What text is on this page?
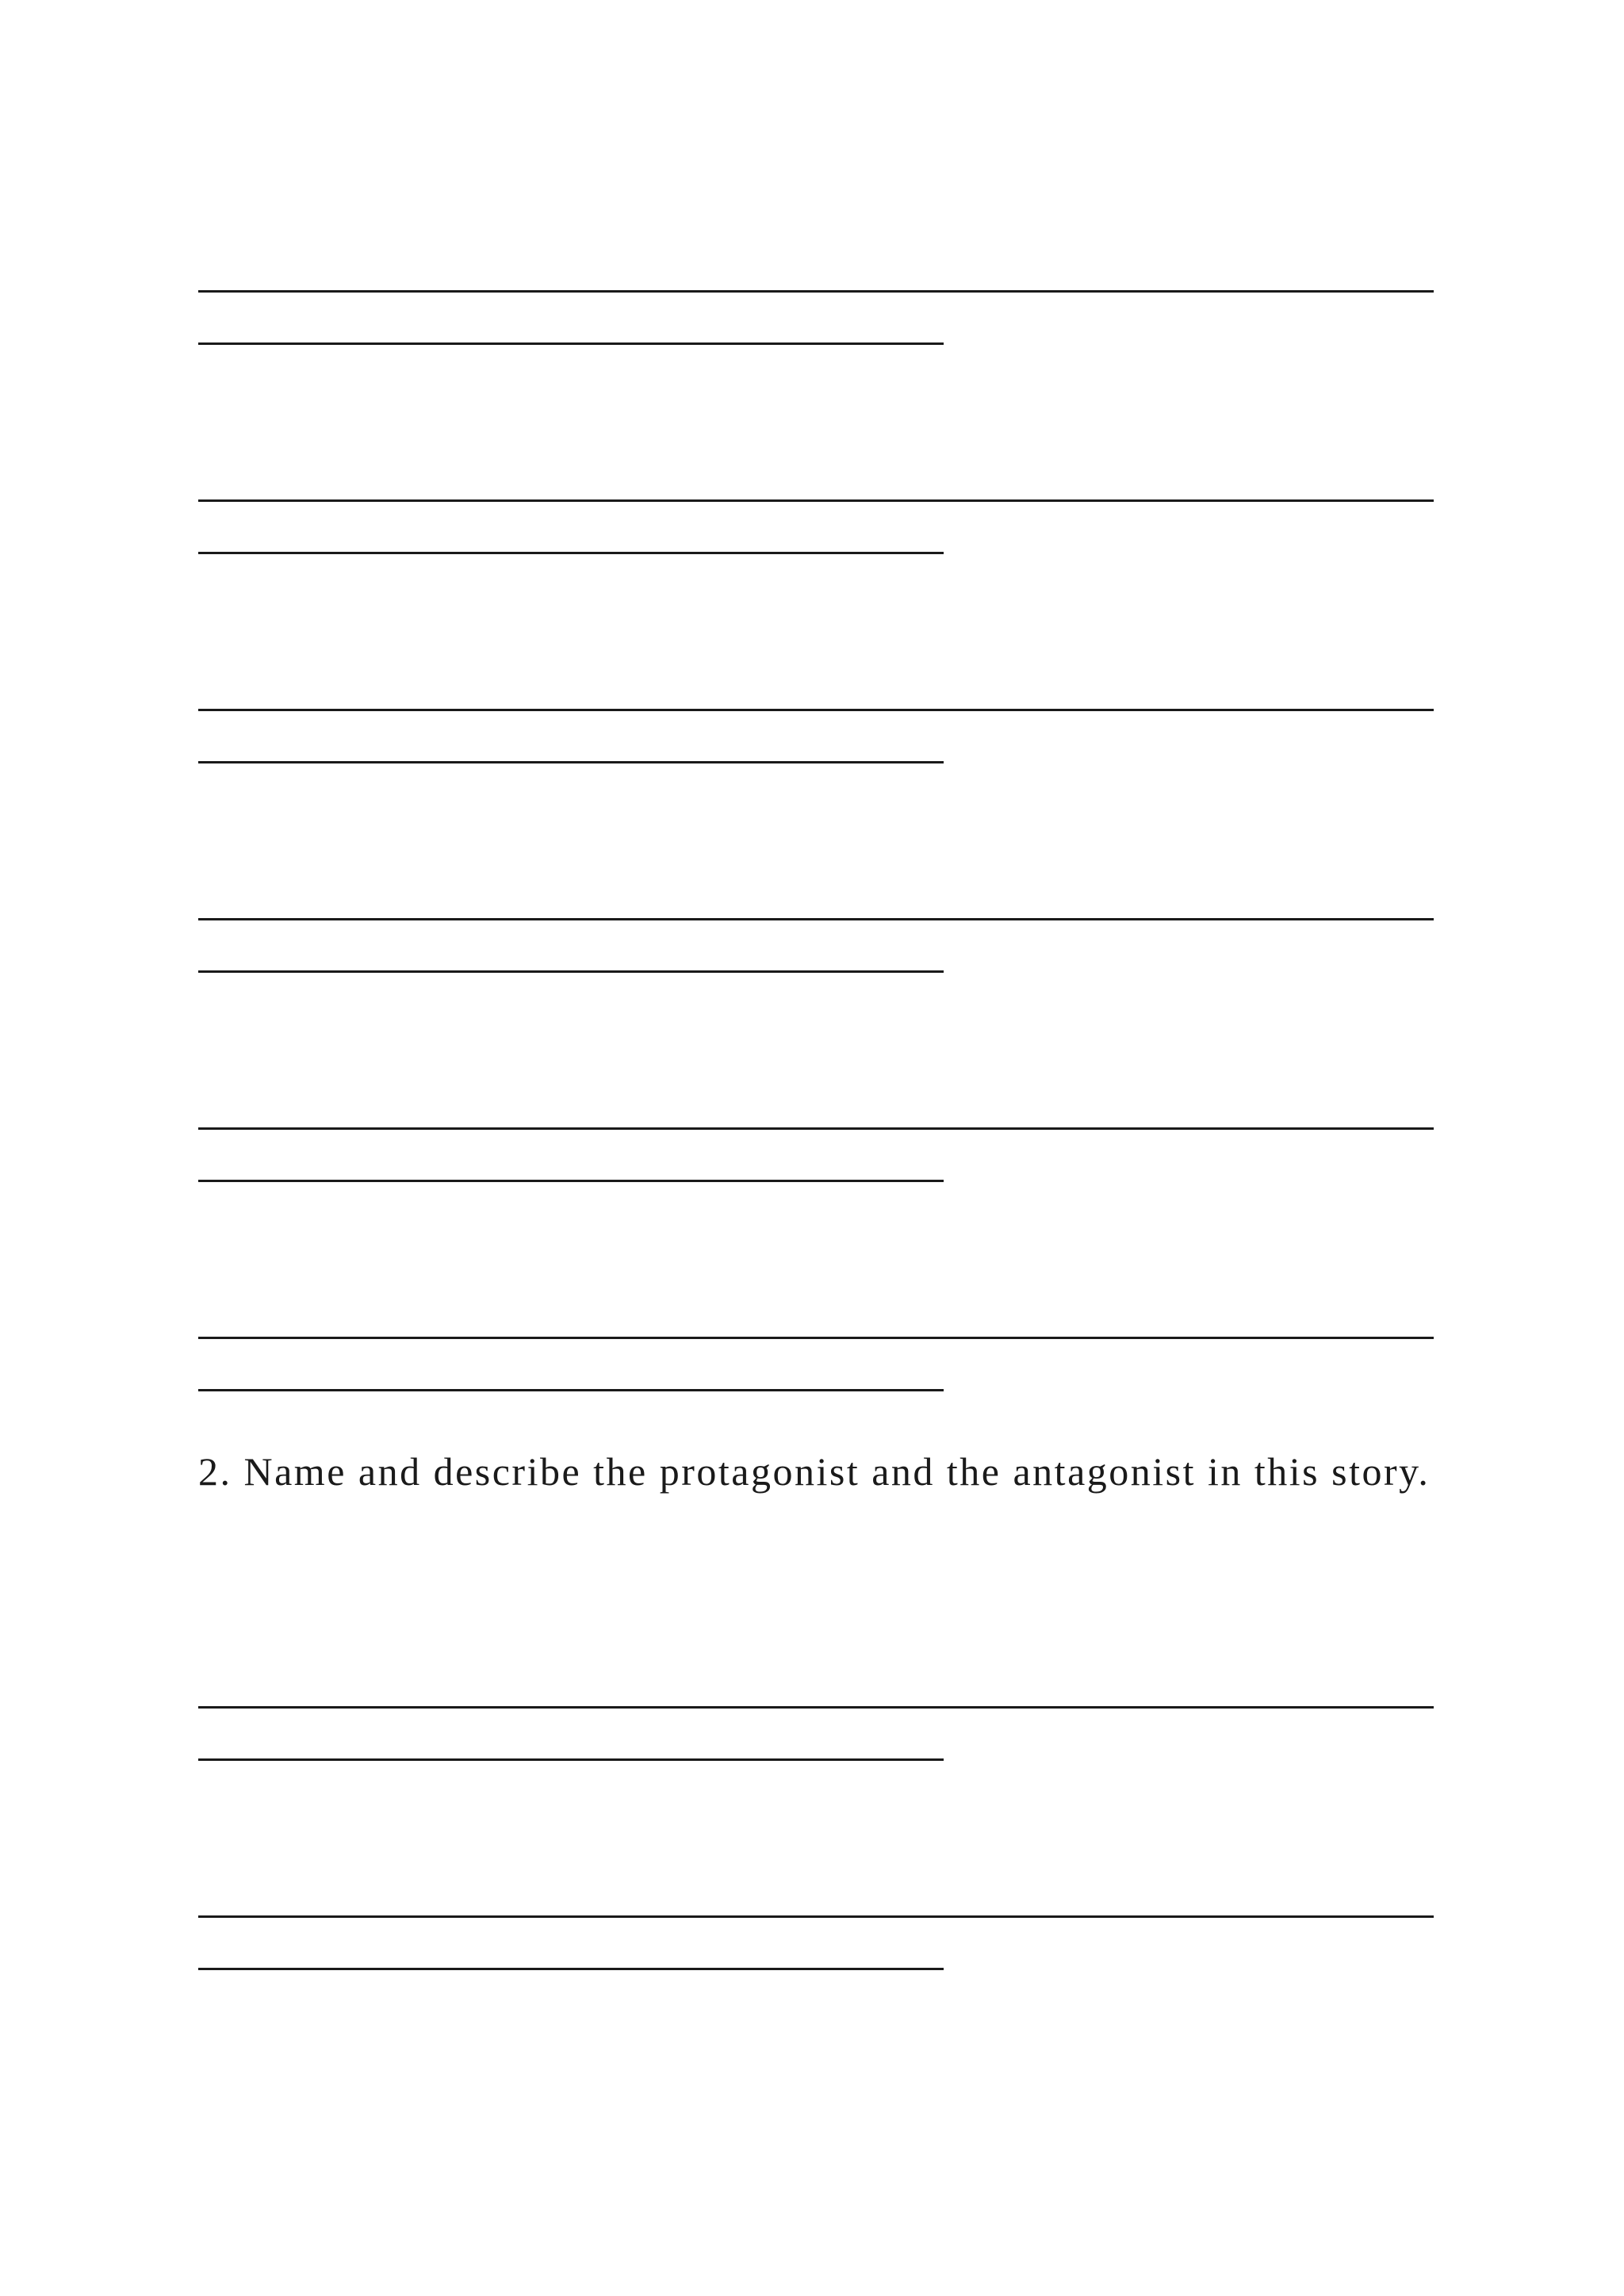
2. Name and describe the protagonist and the antagonist in this story.
